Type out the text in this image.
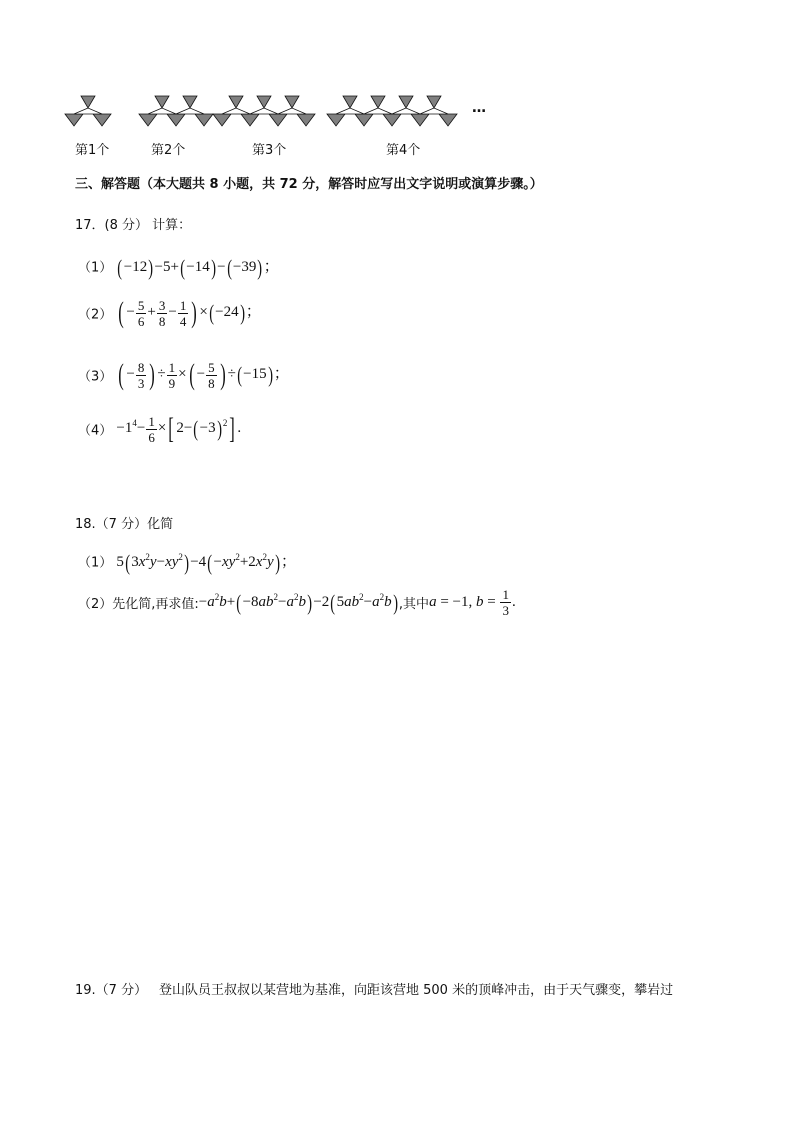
第1个	第2个	第3个	第4个
…
三、解答题（本大题共 8 小题，共 72 分，解答时应写出文字说明或演算步骤。）
17．(8 分） 计算：
（1） (−12)−5+(−14)−(−39)；
（2） ( − $\frac{5}{6} + \frac{3}{8} - \frac{1}{4}$ ) ×(−24)；
（3） ( − $\frac{8}{3}$ ) ÷ $\frac{1}{9}$ ×( − $\frac{5}{8}$ ) ÷(−15)；
$(4) -1^4- \frac{1}{6}$ ×[ $2-(-3)^2$] .
18.（7 分）化简
（1） $5(3x^2y-xy^2)-4(-xy^2+2x^2y)$；
（2）先化简,再求值$:-a^2b+(-8ab^2-a^2b)-2(5ab^2-a^2b)$,其中a = −1, $b = \frac{1}{3}$ .
19.（7 分） 登山队员王叔叔以某营地为基准，向距该营地 500 米的顶峰冲击，由于天气骤变，攀岩过
